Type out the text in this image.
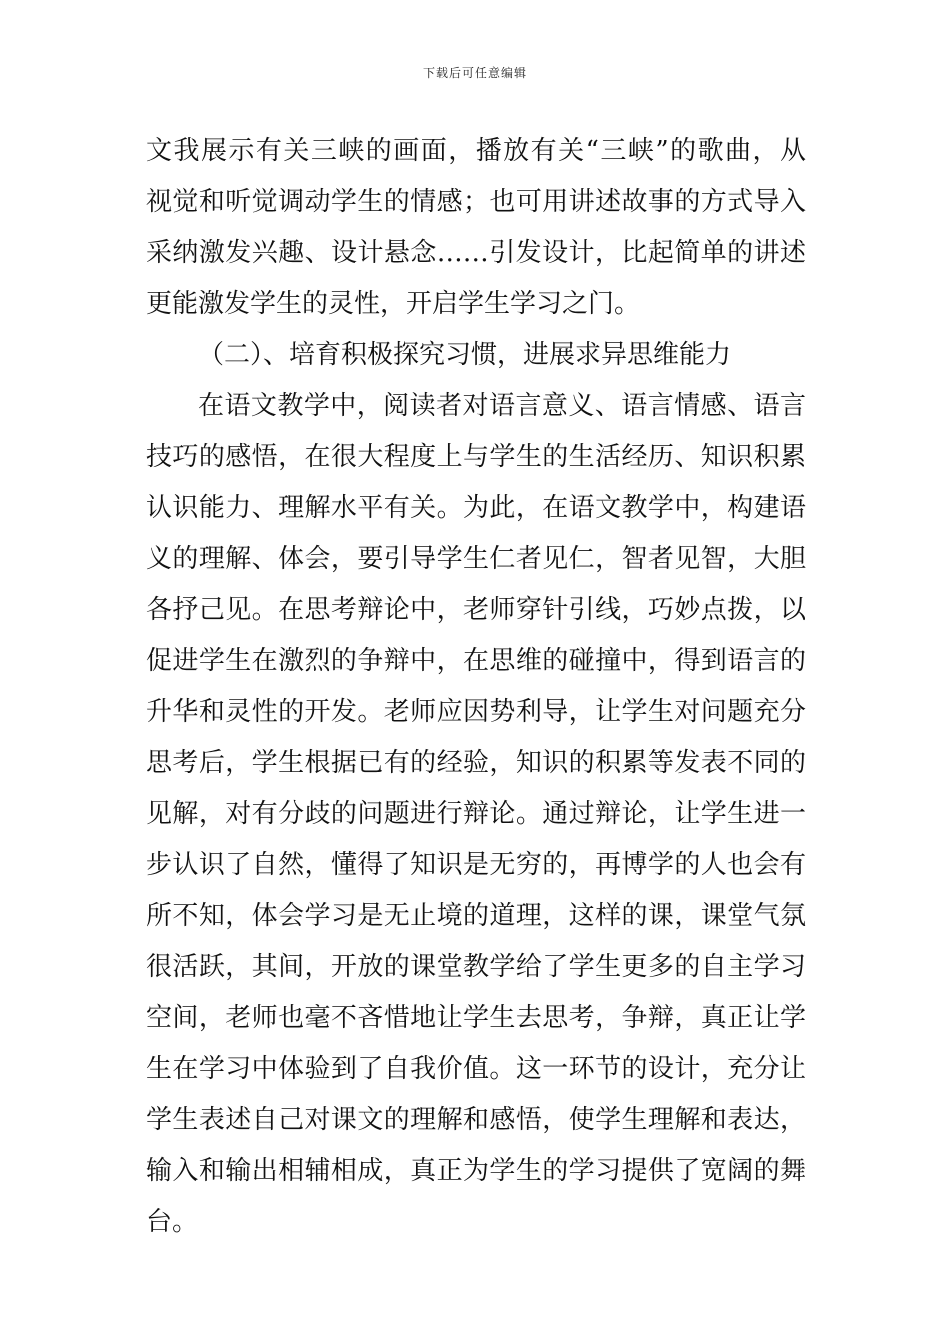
下载后可任意编辑
文我展示有关三峡的画面，播放有关“三峡”的歌曲，从
视觉和听觉调动学生的情感；也可用讲述故事的方式导入
采纳激发兴趣、设计悬念……引发设计，比起简单的讲述
更能激发学生的灵性，开启学生学习之门。
（二）、培育积极探究习惯，进展求异思维能力
在语文教学中，阅读者对语言意义、语言情感、语言
技巧的感悟，在很大程度上与学生的生活经历、知识积累
认识能力、理解水平有关。为此，在语文教学中，构建语
义的理解、体会，要引导学生仁者见仁，智者见智，大胆
各抒己见。在思考辩论中，老师穿针引线，巧妙点拨，以
促进学生在激烈的争辩中，在思维的碰撞中，得到语言的
升华和灵性的开发。老师应因势利导，让学生对问题充分
思考后，学生根据已有的经验，知识的积累等发表不同的
见解，对有分歧的问题进行辩论。通过辩论，让学生进一
步认识了自然，懂得了知识是无穷的，再博学的人也会有
所不知，体会学习是无止境的道理，这样的课，课堂气氛
很活跃，其间，开放的课堂教学给了学生更多的自主学习
空间，老师也毫不吝惜地让学生去思考，争辩，真正让学
生在学习中体验到了自我价值。这一环节的设计，充分让
学生表述自己对课文的理解和感悟，使学生理解和表达，
输入和输出相辅相成，真正为学生的学习提供了宽阔的舞
台。
